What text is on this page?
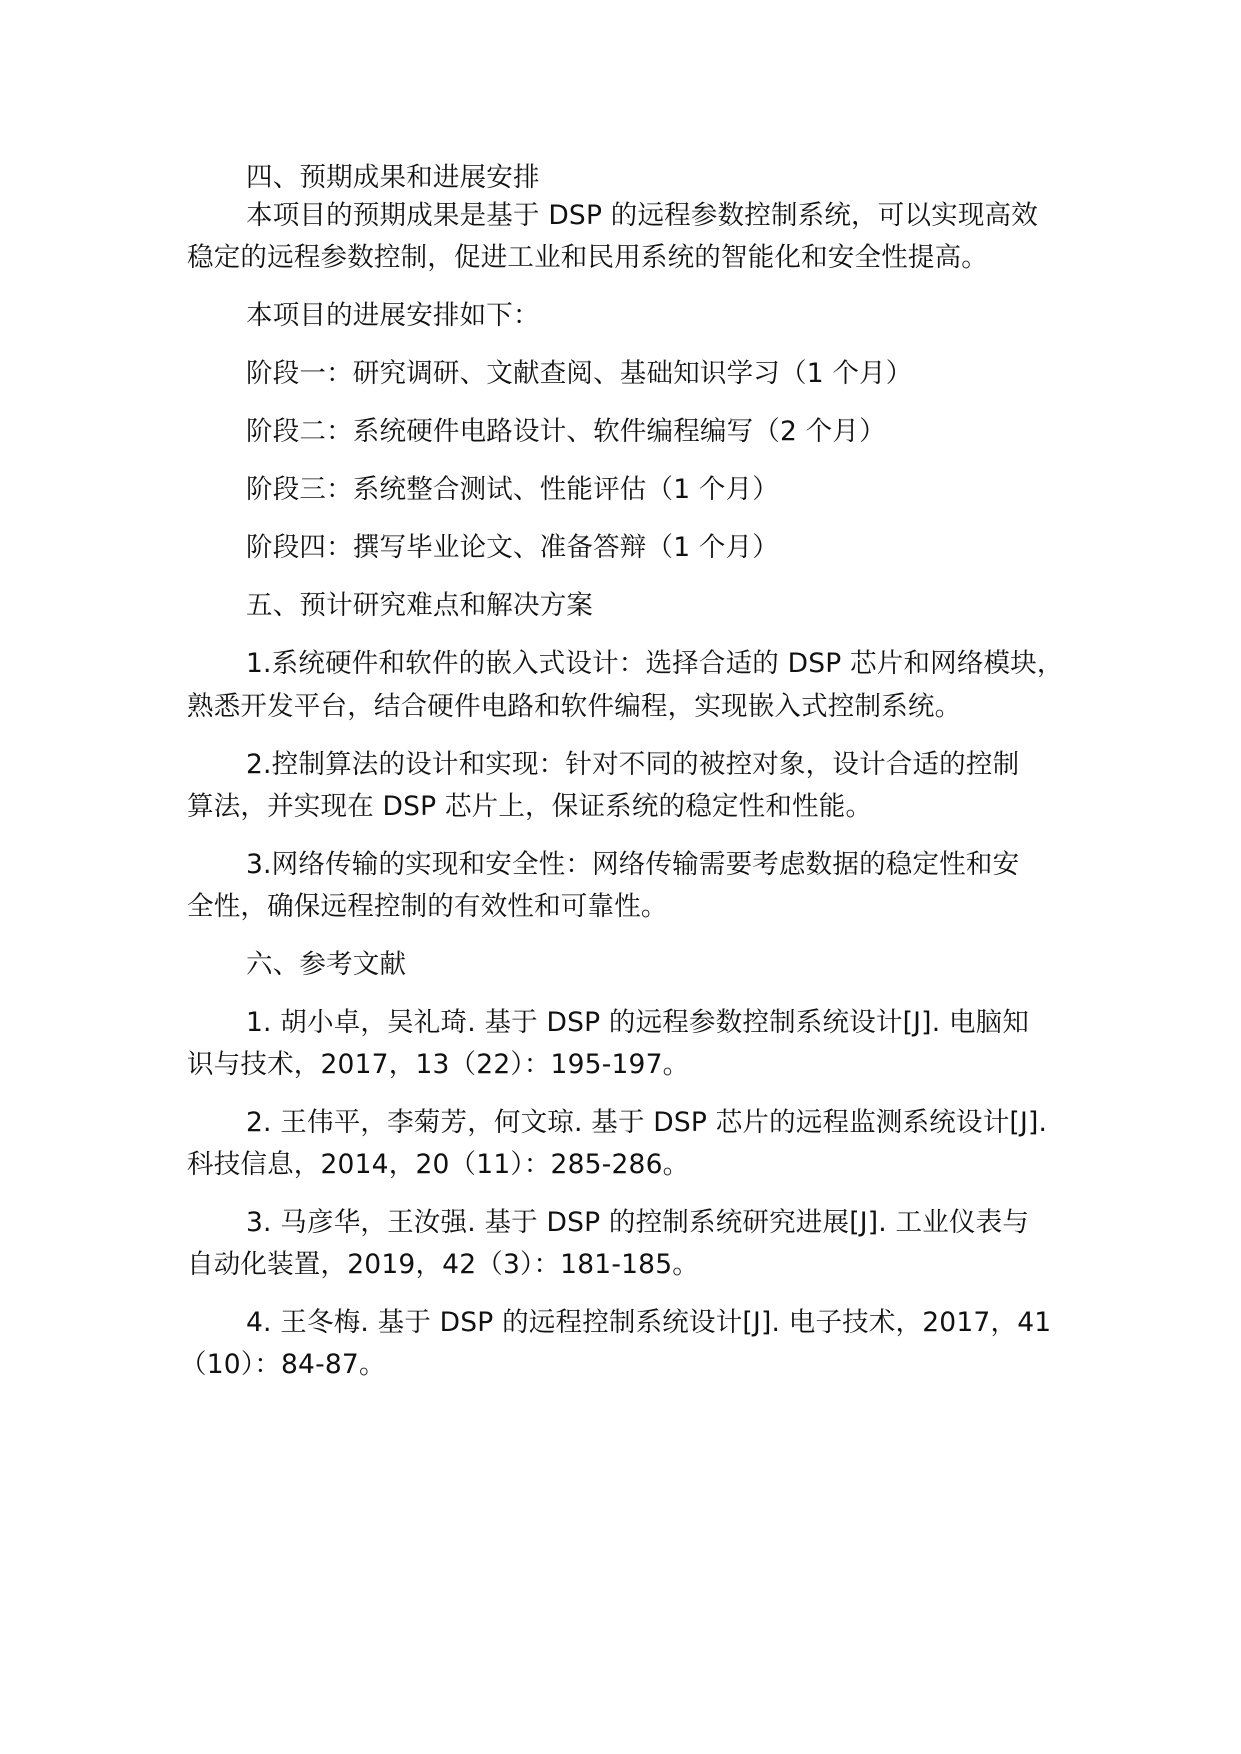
四、预期成果和进展安排
本项目的预期成果是基于 DSP 的远程参数控制系统，可以实现高效
稳定的远程参数控制，促进工业和民用系统的智能化和安全性提高。
本项目的进展安排如下：
阶段一：研究调研、文献查阅、基础知识学习（1 个月）
阶段二：系统硬件电路设计、软件编程编写（2 个月）
阶段三：系统整合测试、性能评估（1 个月）
阶段四：撰写毕业论文、准备答辩（1 个月）
五、预计研究难点和解决方案
1.系统硬件和软件的嵌入式设计：选择合适的 DSP 芯片和网络模块，
熟悉开发平台，结合硬件电路和软件编程，实现嵌入式控制系统。
2.控制算法的设计和实现：针对不同的被控对象，设计合适的控制
算法，并实现在 DSP 芯片上，保证系统的稳定性和性能。
3.网络传输的实现和安全性：网络传输需要考虑数据的稳定性和安
全性，确保远程控制的有效性和可靠性。
六、参考文献
1. 胡小卓，吴礼琦. 基于 DSP 的远程参数控制系统设计[J]. 电脑知
识与技术，2017，13（22）：195-197。
2. 王伟平，李菊芳，何文琼. 基于 DSP 芯片的远程监测系统设计[J].
科技信息，2014，20（11）：285-286。
3. 马彦华，王汝强. 基于 DSP 的控制系统研究进展[J]. 工业仪表与
自动化装置，2019，42（3）：181-185。
4. 王冬梅. 基于 DSP 的远程控制系统设计[J]. 电子技术，2017，41
（10）：84-87。
